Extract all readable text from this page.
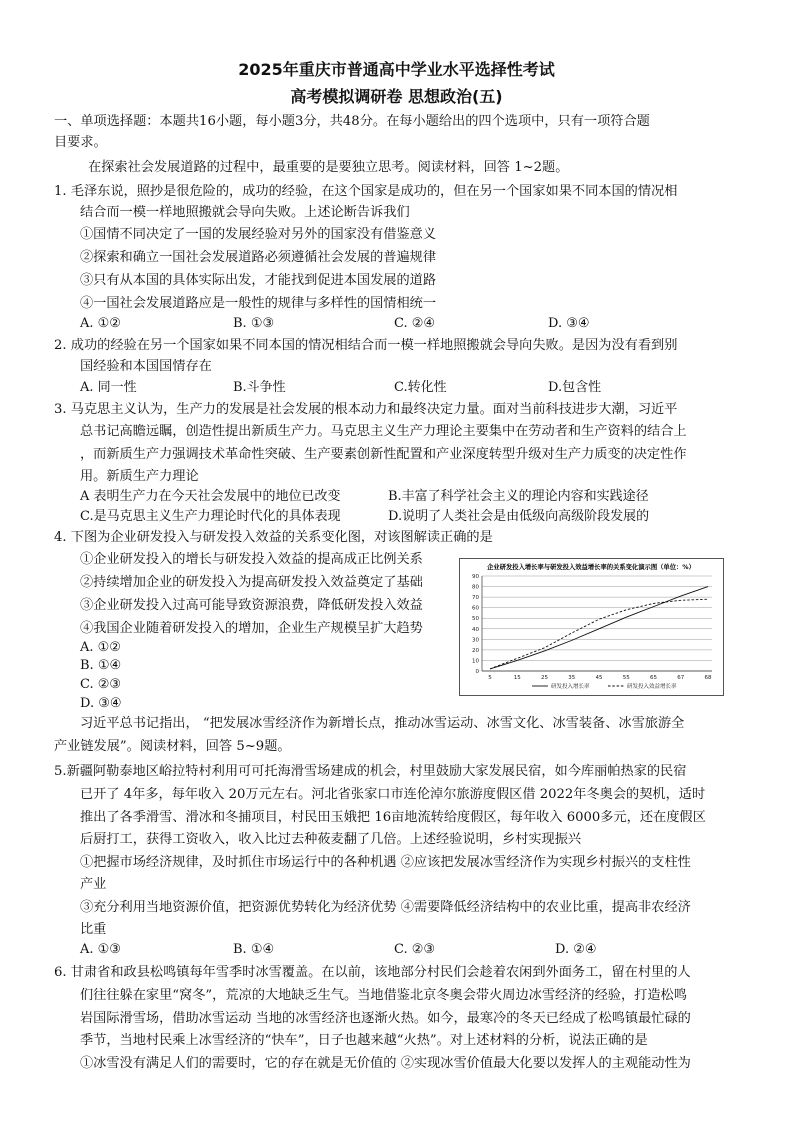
2025年重庆市普通高中学业水平选择性考试
高考模拟调研卷 思想政治(五)
一、单项选择题：本题共16小题，每小题3分，共48分。在每小题给出的四个选项中，只有一项符合题
目要求。
在探索社会发展道路的过程中，最重要的是要独立思考。阅读材料，回答 1~2题。
1. 毛泽东说，照抄是很危险的，成功的经验，在这个国家是成功的，但在另一个国家如果不同本国的情况相
结合而一模一样地照搬就会导向失败。上述论断告诉我们
①国情不同决定了一国的发展经验对另外的国家没有借鉴意义
②探索和确立一国社会发展道路必须遵循社会发展的普遍规律
③只有从本国的具体实际出发，才能找到促进本国发展的道路
④一国社会发展道路应是一般性的规律与多样性的国情相统一
A. ①②	B. ①③	C. ②④	D. ③④
2. 成功的经验在另一个国家如果不同本国的情况相结合而一模一样地照搬就会导向失败。是因为没有看到别
国经验和本国国情存在
A. 同一性	B.斗争性	C.转化性	D.包含性
3. 马克思主义认为，生产力的发展是社会发展的根本动力和最终决定力量。面对当前科技进步大潮，习近平
总书记高瞻远瞩，创造性提出新质生产力。马克思主义生产力理论主要集中在劳动者和生产资料的结合上
，而新质生产力强调技术革命性突破、生产要素创新性配置和产业深度转型升级对生产力质变的决定性作
用。新质生产力理论
A 表明生产力在今天社会发展中的地位已改变	B.丰富了科学社会主义的理论内容和实践途径
C.是马克思主义生产力理论时代化的具体表现	D.说明了人类社会是由低级向高级阶段发展的
4. 下图为企业研发投入与研发投入效益的关系变化图，对该图解读正确的是
①企业研发投入的增长与研发投入效益的提高成正比例关系
②持续增加企业的研发投入为提高研发投入效益奠定了基础
③企业研发投入过高可能导致资源浪费，降低研发投入效益
④我国企业随着研发投入的增加，企业生产规模呈扩大趋势
A. ①②
B. ①④
C. ②③
D. ③④
企业研发投入增长率与研发投入效益增长率的关系变化演示图（单位：%）
0
10
20
30
40
50
60
70
80
90
5	15	25	35	45	55	65	67	68
研发投入增长率	研发投入效益增长率
习近平总书记指出， “把发展冰雪经济作为新增长点，推动冰雪运动、冰雪文化、冰雪装备、冰雪旅游全
产业链发展”。阅读材料，回答 5~9题。
5.新疆阿勒泰地区峪拉特村利用可可托海滑雪场建成的机会，村里鼓励大家发展民宿，如今库丽帕热家的民宿
已开了 4年多，每年收入 20万元左右。河北省张家口市连伦淖尔旅游度假区借 2022年冬奥会的契机，适时
推出了各季滑雪、滑冰和冬捕项目，村民田玉娥把 16亩地流转给度假区，每年收入 6000多元，还在度假区
后厨打工，获得工资收入，收入比过去种莜麦翻了几倍。上述经验说明，乡村实现振兴
①把握市场经济规律，及时抓住市场运行中的各种机遇 ②应该把发展冰雪经济作为实现乡村振兴的支柱性
产业
③充分利用当地资源价值，把资源优势转化为经济优势 ④需要降低经济结构中的农业比重，提高非农经济
比重
A. ①③	B. ①④	C. ②③	D. ②④
6. 甘肃省和政县松鸣镇每年雪季时冰雪覆盖。在以前，该地部分村民们会趁着农闲到外面务工，留在村里的人
们往往躲在家里“窝冬”，荒凉的大地缺乏生气。当地借鉴北京冬奥会带火周边冰雪经济的经验，打造松鸣
岩国际滑雪场，借助冰雪运动 当地的冰雪经济也逐渐火热。如今，最寒冷的冬天已经成了松鸣镇最忙碌的
季节，当地村民乘上冰雪经济的“快车”，日子也越来越“火热”。对上述材料的分析，说法正确的是
①冰雪没有满足人们的需要时，它的存在就是无价值的 ②实现冰雪价值最大化要以发挥人的主观能动性为
